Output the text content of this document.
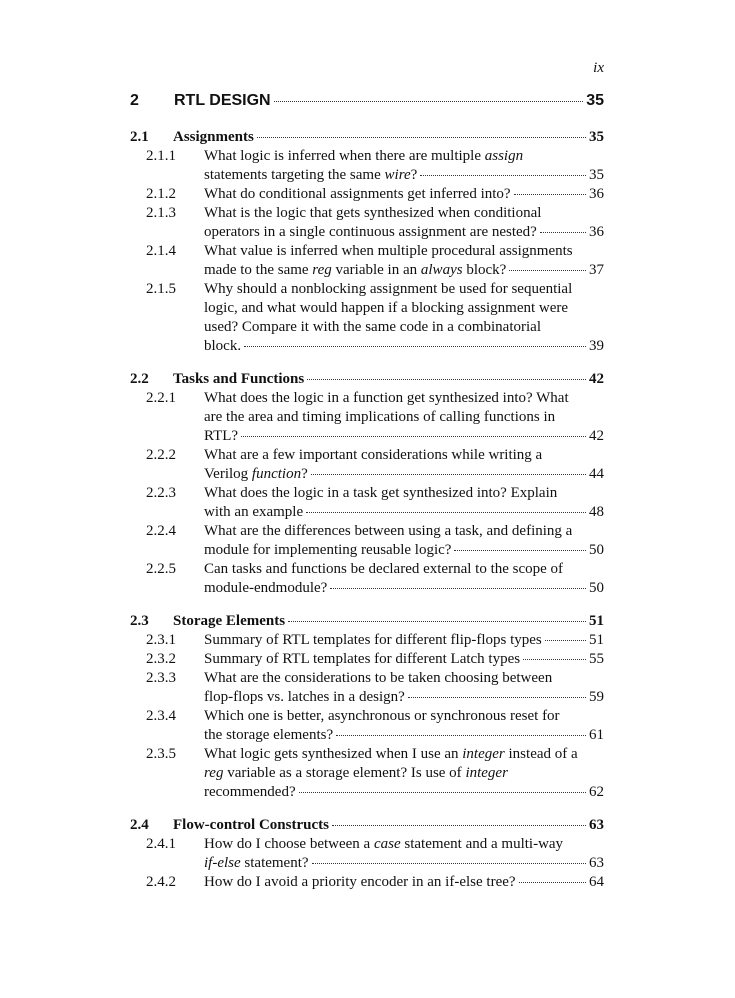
ix
2	RTL DESIGN	35
2.1	Assignments	35
2.1.1	What logic is inferred when there are multiple assign
statements targeting the same wire?	35
2.1.2	What do conditional assignments get inferred into?	36
2.1.3	What is the logic that gets synthesized when conditional
operators in a single continuous assignment are nested?	36
2.1.4	What value is inferred when multiple procedural assignments
made to the same reg variable in an always block?	37
2.1.5	Why should a nonblocking assignment be used for sequential
logic, and what would happen if a blocking assignment were
used? Compare it with the same code in a combinatorial
block.	39
2.2	Tasks and Functions	42
2.2.1	What does the logic in a function get synthesized into? What
are the area and timing implications of calling functions in
RTL?	42
2.2.2	What are a few important considerations while writing a
Verilog function?	44
2.2.3	What does the logic in a task get synthesized into? Explain
with an example	48
2.2.4	What are the differences between using a task, and defining a
module for implementing reusable logic?	50
2.2.5	Can tasks and functions be declared external to the scope of
module-endmodule?	50
2.3	Storage Elements	51
2.3.1	Summary of RTL templates for different flip-flops types	51
2.3.2	Summary of RTL templates for different Latch types	55
2.3.3	What are the considerations to be taken choosing between
flop-flops vs. latches in a design?	59
2.3.4	Which one is better, asynchronous or synchronous reset for
the storage elements?	61
2.3.5	What logic gets synthesized when I use an integer instead of a
reg variable as a storage element? Is use of integer
recommended?	62
2.4	Flow-control Constructs	63
2.4.1	How do I choose between a case statement and a multi-way
if-else statement?	63
2.4.2	How do I avoid a priority encoder in an if-else tree?	64
